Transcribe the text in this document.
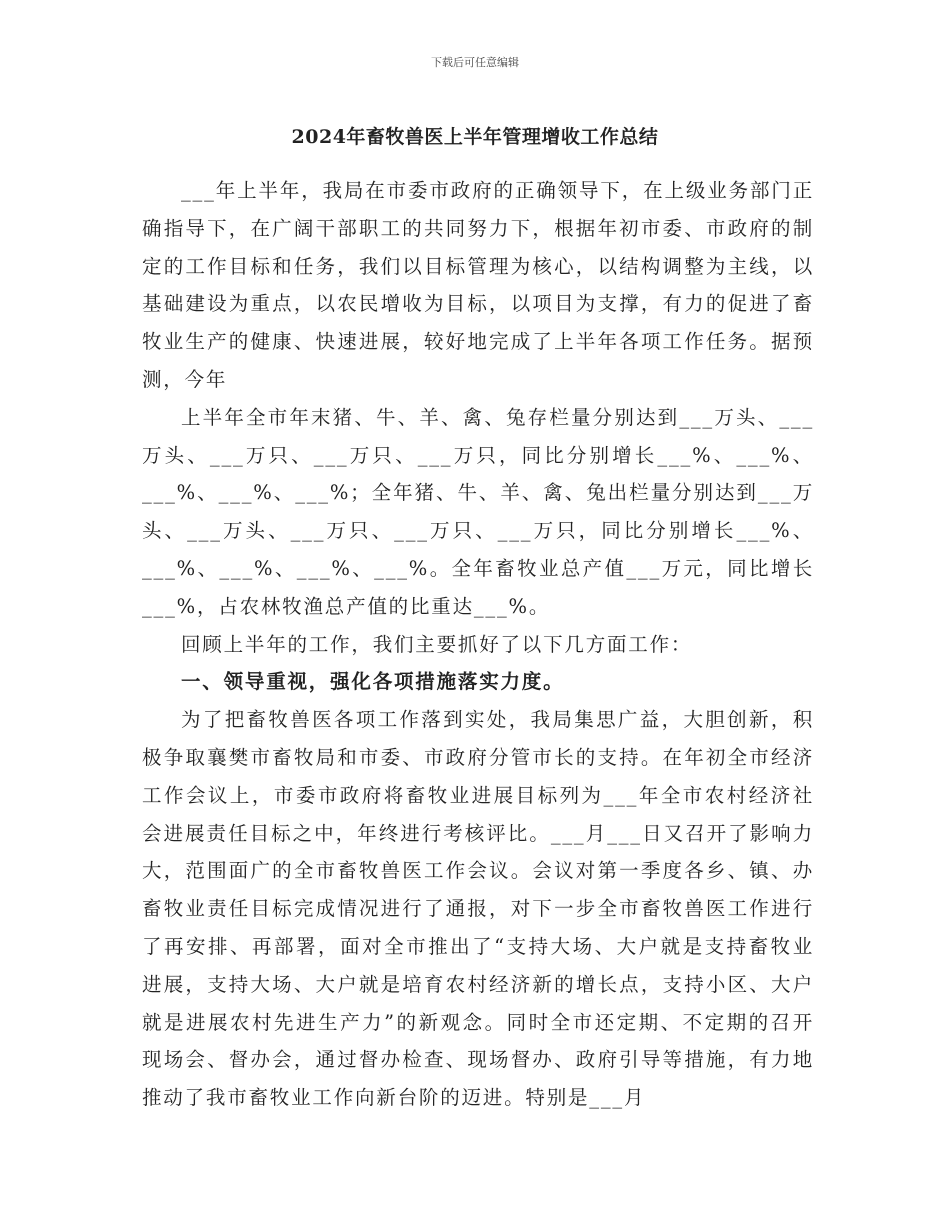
下载后可任意编辑
2024年畜牧兽医上半年管理增收工作总结

___年上半年，我局在市委市政府的正确领导下，在上级业务部门正确指导下，在广阔干部职工的共同努力下，根据年初市委、市政府的制定的工作目标和任务，我们以目标管理为核心，以结构调整为主线，以基础建设为重点，以农民增收为目标，以项目为支撑，有力的促进了畜牧业生产的健康、快速进展，较好地完成了上半年各项工作任务。据预测，今年

上半年全市年末猪、牛、羊、禽、兔存栏量分别达到___万头、___万头、___万只、___万只、___万只，同比分别增长___%、___%、___%、___%、___%；全年猪、牛、羊、禽、兔出栏量分别达到___万头、___万头、___万只、___万只、___万只，同比分别增长___%、___%、___%、___%、___%。全年畜牧业总产值___万元，同比增长___%，占农林牧渔总产值的比重达___%。

回顾上半年的工作，我们主要抓好了以下几方面工作：

一、领导重视，强化各项措施落实力度。

为了把畜牧兽医各项工作落到实处，我局集思广益，大胆创新，积极争取襄樊市畜牧局和市委、市政府分管市长的支持。在年初全市经济工作会议上，市委市政府将畜牧业进展目标列为___年全市农村经济社会进展责任目标之中，年终进行考核评比。___月___日又召开了影响力大，范围面广的全市畜牧兽医工作会议。会议对第一季度各乡、镇、办畜牧业责任目标完成情况进行了通报，对下一步全市畜牧兽医工作进行了再安排、再部署，面对全市推出了“支持大场、大户就是支持畜牧业进展，支持大场、大户就是培育农村经济新的增长点，支持小区、大户就是进展农村先进生产力”的新观念。同时全市还定期、不定期的召开现场会、督办会，通过督办检查、现场督办、政府引导等措施，有力地推动了我市畜牧业工作向新台阶的迈进。特别是___月
